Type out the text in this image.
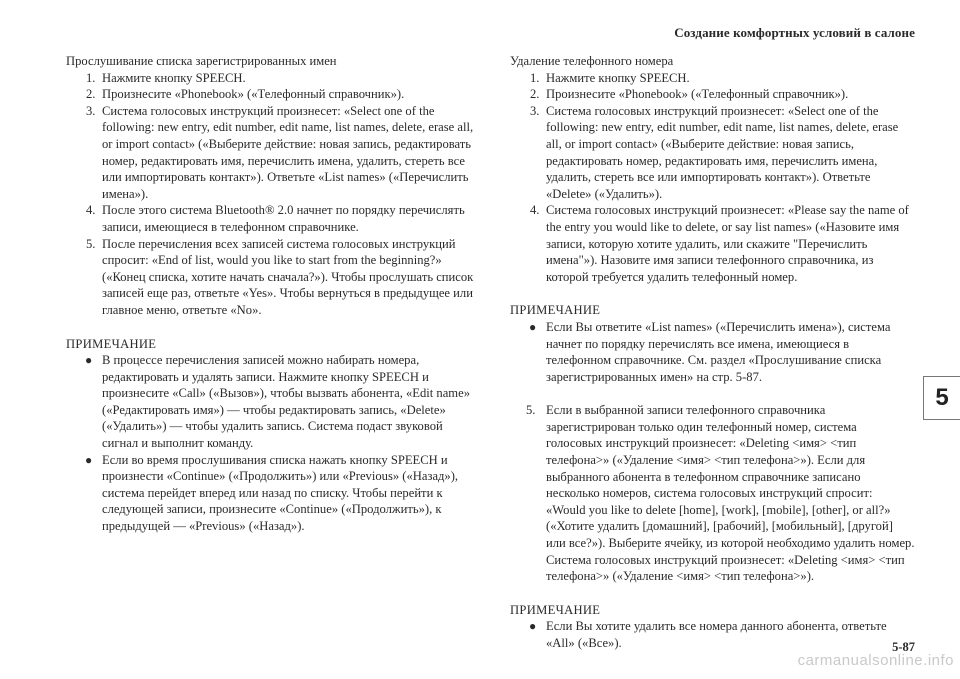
Создание комфортных условий в салоне

Прослушивание списка зарегистрированных имен

1. Нажмите кнопку SPEECH.
2. Произнесите «Phonebook» («Телефонный справочник»).
3. Система голосовых инструкций произнесет: «Select one of the following: new entry, edit number, edit name, list names, delete, erase all, or import contact» («Выберите действие: новая запись, редактировать номер, редактировать имя, перечислить имена, удалить, стереть все или импортировать контакт»). Ответьте «List names» («Перечислить имена»).
4. После этого система Bluetooth® 2.0 начнет по порядку перечислять записи, имеющиеся в телефонном справочнике.
5. После перечисления всех записей система голосовых инструкций спросит: «End of list, would you like to start from the beginning?» («Конец списка, хотите начать сначала?»). Чтобы прослушать список записей еще раз, ответьте «Yes». Чтобы вернуться в предыдущее или главное меню, ответьте «No».
ПРИМЕЧАНИЕ
● В процессе перечисления записей можно набирать номера, редактировать и удалять записи. Нажмите кнопку SPEECH и произнесите «Call» («Вызов»), чтобы вызвать абонента, «Edit name» («Редактировать имя») — чтобы редактировать запись, «Delete» («Удалить») — чтобы удалить запись. Система подаст звуковой сигнал и выполнит команду.
● Если во время прослушивания списка нажать кнопку SPEECH и произнести «Continue» («Продолжить») или «Previous» («Назад»), система перейдет вперед или назад по списку. Чтобы перейти к следующей записи, произнесите «Continue» («Продолжить»), к предыдущей — «Previous» («Назад»).

Удаление телефонного номера

1. Нажмите кнопку SPEECH.
2. Произнесите «Phonebook» («Телефонный справочник»).
3. Система голосовых инструкций произнесет: «Select one of the following: new entry, edit number, edit name, list names, delete, erase all, or import contact» («Выберите действие: новая запись, редактировать номер, редактировать имя, перечислить имена, удалить, стереть все или импортировать контакт»). Ответьте «Delete» («Удалить»).
4. Система голосовых инструкций произнесет: «Please say the name of the entry you would like to delete, or say list names» («Назовите имя записи, которую хотите удалить, или скажите "Перечислить имена"»). Назовите имя записи телефонного справочника, из которой требуется удалить телефонный номер.
ПРИМЕЧАНИЕ
● Если Вы ответите «List names» («Перечислить имена»), система начнет по порядку перечислять все имена, имеющиеся в телефонном справочнике. См. раздел «Прослушивание списка зарегистрированных имен» на стр. 5-87.
5. Если в выбранной записи телефонного справочника зарегистрирован только один телефонный номер, система голосовых инструкций произнесет: «Deleting <имя> <тип телефона>» («Удаление <имя> <тип телефона>»). Если для выбранного абонента в телефонном справочнике записано несколько номеров, система голосовых инструкций спросит: «Would you like to delete [home], [work], [mobile], [other], or all?» («Хотите удалить [домашний], [рабочий], [мобильный], [другой] или все?»). Выберите ячейку, из которой необходимо удалить номер. Система голосовых инструкций произнесет: «Deleting <имя> <тип телефона>» («Удаление <имя> <тип телефона>»).
ПРИМЕЧАНИЕ
● Если Вы хотите удалить все номера данного абонента, ответьте «All» («Все»).
5
5-87
carmanualsonline.info
